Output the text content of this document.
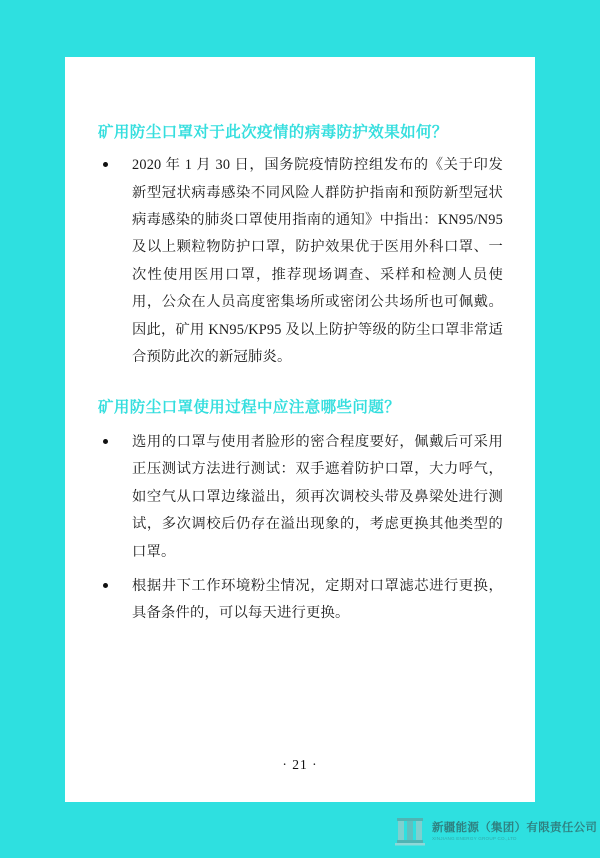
矿用防尘口罩对于此次疫情的病毒防护效果如何？
2020 年 1 月 30 日，国务院疫情防控组发布的《关于印发新型冠状病毒感染不同风险人群防护指南和预防新型冠状病毒感染的肺炎口罩使用指南的通知》中指出：KN95/N95 及以上颗粒物防护口罩，防护效果优于医用外科口罩、一次性使用医用口罩，推荐现场调查、采样和检测人员使用，公众在人员高度密集场所或密闭公共场所也可佩戴。因此，矿用 KN95/KP95 及以上防护等级的防尘口罩非常适合预防此次的新冠肺炎。
矿用防尘口罩使用过程中应注意哪些问题？
选用的口罩与使用者脸形的密合程度要好，佩戴后可采用正压测试方法进行测试：双手遮着防护口罩，大力呼气，如空气从口罩边缘溢出，须再次调校头带及鼻梁处进行测试，多次调校后仍存在溢出现象的，考虑更换其他类型的口罩。
根据井下工作环境粉尘情况，定期对口罩滤芯进行更换，具备条件的，可以每天进行更换。
· 21 ·
新疆能源（集团）有限责任公司
XINJIANG ENERGY GROUP CO.,LTD
